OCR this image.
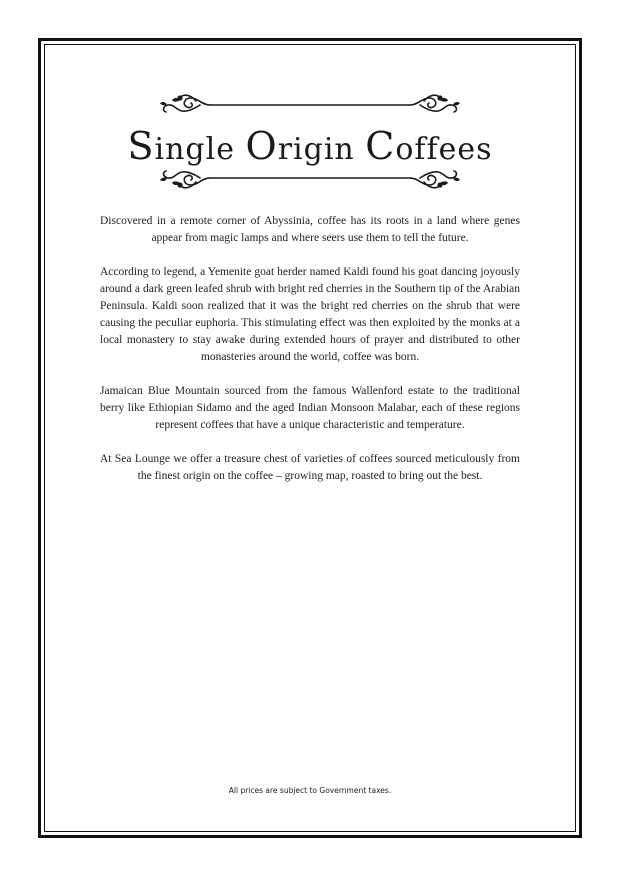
Single Origin Coffees

Discovered in a remote corner of Abyssinia, coffee has its roots in a land where genes appear from magic lamps and where seers use them to tell the future.

According to legend, a Yemenite goat herder named Kaldi found his goat dancing joyously around a dark green leafed shrub with bright red cherries in the Southern tip of the Arabian Peninsula. Kaldi soon realized that it was the bright red cherries on the shrub that were causing the peculiar euphoria. This stimulating effect was then exploited by the monks at a local monastery to stay awake during extended hours of prayer and distributed to other monasteries around the world, coffee was born.

Jamaican Blue Mountain sourced from the famous Wallenford estate to the traditional berry like Ethiopian Sidamo and the aged Indian Monsoon Malabar, each of these regions represent coffees that have a unique characteristic and temperature.

At Sea Lounge we offer a treasure chest of varieties of coffees sourced meticulously from the finest origin on the coffee – growing map, roasted to bring out the best.

All prices are subject to Government taxes.
